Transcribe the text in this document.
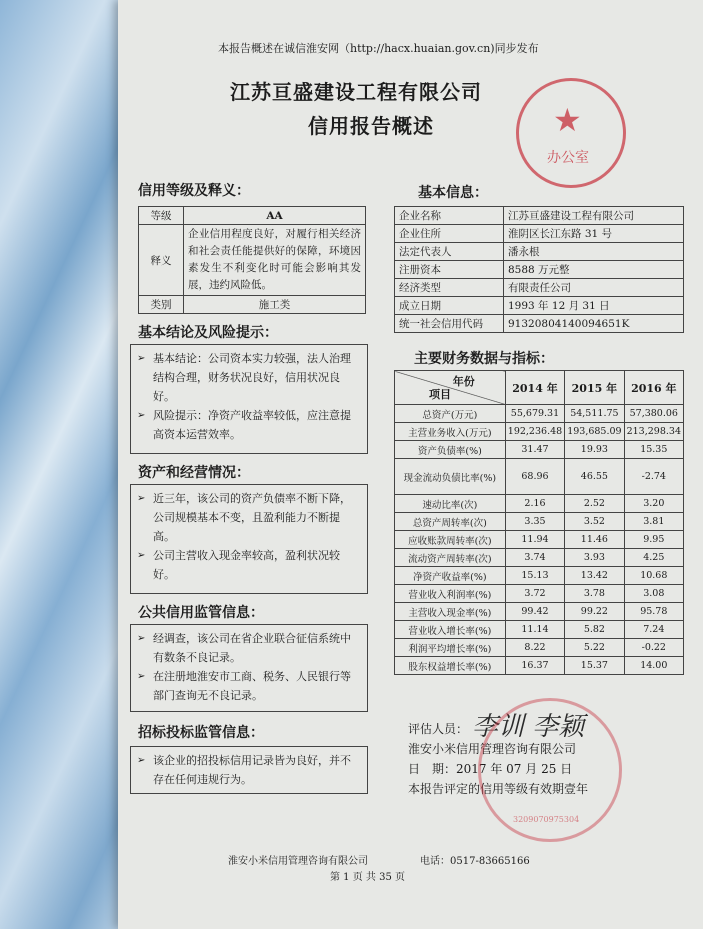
本报告概述在诚信淮安网（http://hacx.huaian.gov.cn)同步发布
江苏亘盛建设工程有限公司
信用报告概述	★
办公室
信用等级及释义：
等级	AA
释义	企业信用程度良好，对履行相关经济和社会责任能提供好的保障，环境因素发生不利变化时可能会影响其发展，违约风险低。
类别	施工类
基本结论及风险提示：
➢ 基本结论：公司资本实力较强，法人治理结构合理，财务状况良好，信用状况良好。
➢ 风险提示：净资产收益率较低，应注意提高资本运营效率。
资产和经营情况：
➢ 近三年，该公司的资产负债率不断下降，公司规模基本不变，且盈利能力不断提高。
➢ 公司主营收入现金率较高，盈利状况较好。
公共信用监管信息：
➢ 经调查，该公司在省企业联合征信系统中有数条不良记录。
➢ 在注册地淮安市工商、税务、人民银行等部门查询无不良记录。
招标投标监管信息：
➢ 该企业的招投标信用记录皆为良好，并不存在任何违规行为。
基本信息：
企业名称	江苏亘盛建设工程有限公司
企业住所	淮阴区长江东路 31 号
法定代表人	潘永根
注册资本	8588 万元整
经济类型	有限责任公司
成立日期	1993 年 12 月 31 日
统一社会信用代码	91320804140094651K
主要财务数据与指标：
年份
项目	2014 年	2015 年	2016 年
总资产(万元)	55,679.31	54,511.75	57,380.06
主营业务收入(万元)	192,236.48	193,685.09	213,298.34
资产负债率(%)	31.47	19.93	15.35
现金流动负债比率(%)	68.96	46.55	-2.74
速动比率(次)	2.16	2.52	3.20
总资产周转率(次)	3.35	3.52	3.81
应收账款周转率(次)	11.94	11.46	9.95
流动资产周转率(次)	3.74	3.93	4.25
净资产收益率(%)	15.13	13.42	10.68
营业收入利润率(%)	3.72	3.78	3.08
主营收入现金率(%)	99.42	99.22	95.78
营业收入增长率(%)	11.14	5.82	7.24
利润平均增长率(%)	8.22	5.22	-0.22
股东权益增长率(%)	16.37	15.37	14.00
评估人员： 李训 李颖
淮安小米信用管理咨询有限公司
日　期：2017 年 07 月 25 日
本报告评定的信用等级有效期壹年
3209070975304
淮安小米信用管理咨询有限公司	电话：0517-83665166
第 1 页 共 35 页
